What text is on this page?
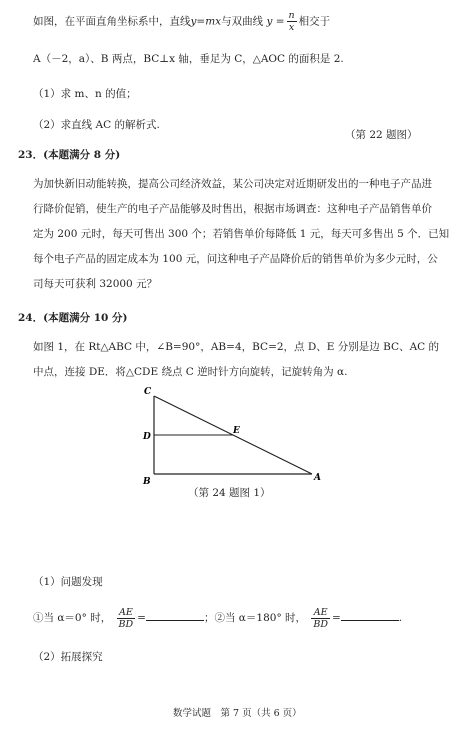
如图，在平面直角坐标系中，直线y=mx与双曲线 $y = \frac{n}{x}$ 相交于
A（－2，a）、B 两点，BC⊥x 轴，垂足为 C，△AOC 的面积是 2.
（1）求 m、n 的值；
（2）求直线 AC 的解析式.
（第 22 题图）
23．(本题满分 8 分)
为加快新旧动能转换，提高公司经济效益，某公司决定对近期研发出的一种电子产品进
行降价促销，使生产的电子产品能够及时售出，根据市场调查：这种电子产品销售单价
定为 200 元时，每天可售出 300 个；若销售单价每降低 1 元，每天可多售出 5 个．已知
每个电子产品的固定成本为 100 元，问这种电子产品降价后的销售单价为多少元时，公
司每天可获利 32000 元？
24．(本题满分 10 分)
如图 1，在 Rt△ABC 中，∠B=90°，AB=4，BC=2，点 D、E 分别是边 BC、AC 的
中点，连接 DE．将△CDE 绕点 C 逆时针方向旋转，记旋转角为 α.
C
D
E
B	A
（第 24 题图 1）
（1）问题发现
①当 α＝0° 时， $\frac{AE}{BD}$ =	；②当 α＝180° 时， $\frac{AE}{BD}$ =	.
（2）拓展探究
数学试题　第 7 页（共 6 页）
